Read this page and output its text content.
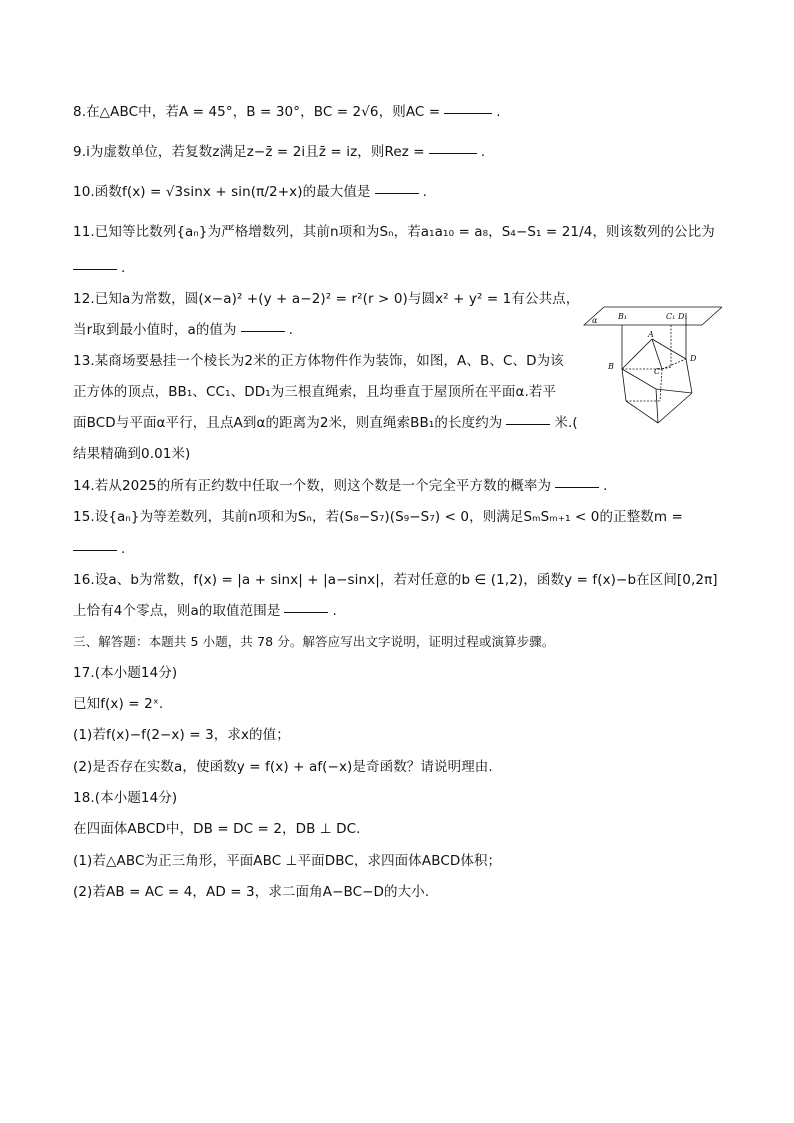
8.在△ABC中，若A = 45°，B = 30°，BC = 2√6，则AC =	.
9.i为虚数单位，若复数z满足z−z̄ = 2i且z̄ = iz，则Rez =	.
10.函数f(x) = √3sinx + sin(π/2+x)的最大值是	.
11.已知等比数列{aₙ}为严格增数列，其前n项和为Sₙ，若a₁a₁₀ = a₈，S₄−S₁ = 21/4，则该数列的公比为
.
12.已知a为常数，圆(x−a)² +(y + a−2)² = r²(r > 0)与圆x² + y² = 1有公共点，
当r取到最小值时，a的值为	.
13.某商场要悬挂一个棱长为2米的正方体物件作为装饰，如图，A、B、C、D为该
正方体的顶点，BB₁、CC₁、DD₁为三根直绳索，且均垂直于屋顶所在平面α.若平
面BCD与平面α平行，且点A到α的距离为2米，则直绳索BB₁的长度约为	米.(
结果精确到0.01米)
14.若从2025的所有正约数中任取一个数，则这个数是一个完全平方数的概率为	.
15.设{aₙ}为等差数列，其前n项和为Sₙ，若(S₈−S₇)(S₉−S₇) < 0，则满足SₘSₘ₊₁ < 0的正整数m =
.
16.设a、b为常数，f(x) = |a + sinx| + |a−sinx|，若对任意的b ∈ (1,2)，函数y = f(x)−b在区间[0,2π]
上恰有4个零点，则a的取值范围是	.
三、解答题：本题共 5 小题，共 78 分。解答应写出文字说明，证明过程或演算步骤。
17.(本小题14分)
已知f(x) = 2ˣ.
(1)若f(x)−f(2−x) = 3，求x的值；
(2)是否存在实数a，使函数y = f(x) + af(−x)是奇函数？请说明理由.
18.(本小题14分)
在四面体ABCD中，DB = DC = 2，DB ⊥ DC.
(1)若△ABC为正三角形，平面ABC ⊥平面DBC，求四面体ABCD体积；
(2)若AB = AC = 4，AD = 3，求二面角A−BC−D的大小.
α	B₁	C₁ D₁
A
B
C
D
